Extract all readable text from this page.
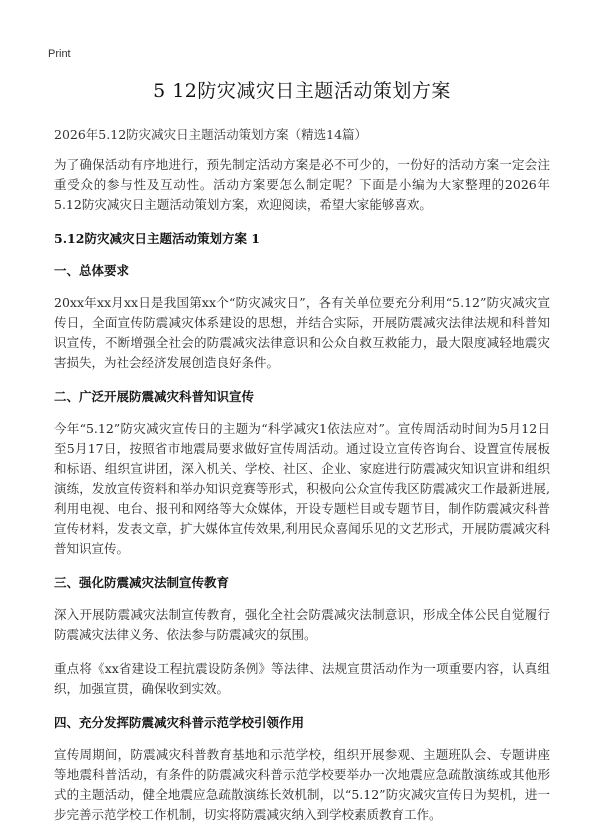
Print
5 12防灾减灾日主题活动策划方案
2026年5.12防灾减灾日主题活动策划方案（精选14篇）

为了确保活动有序地进行，预先制定活动方案是必不可少的，一份好的活动方案一定会注重受众的参与性及互动性。活动方案要怎么制定呢？下面是小编为大家整理的2026年5.12防灾减灾日主题活动策划方案，欢迎阅读，希望大家能够喜欢。

5.12防灾减灾日主题活动策划方案 1
一、总体要求

20xx年xx月xx日是我国第xx个“防灾减灾日”，各有关单位要充分利用“5.12”防灾减灾宣传日，全面宣传防震减灾体系建设的思想，并结合实际，开展防震减灾法律法规和科普知识宣传，不断增强全社会的防震减灾法律意识和公众自救互救能力，最大限度减轻地震灾害损失，为社会经济发展创造良好条件。

二、广泛开展防震减灾科普知识宣传

今年“5.12”防灾减灾宣传日的主题为“科学减灾1依法应对”。宣传周活动时间为5月12日至5月17日，按照省市地震局要求做好宣传周活动。通过设立宣传咨询台、设置宣传展板和标语、组织宣讲团，深入机关、学校、社区、企业、家庭进行防震减灾知识宣讲和组织演练，发放宣传资料和举办知识竞赛等形式，积极向公众宣传我区防震减灾工作最新进展,利用电视、电台、报刊和网络等大众媒体，开设专题栏目或专题节目，制作防震减灾科普宣传材料，发表文章，扩大媒体宣传效果,利用民众喜闻乐见的文艺形式，开展防震减灾科普知识宣传。

三、强化防震减灾法制宣传教育

深入开展防震减灾法制宣传教育，强化全社会防震减灾法制意识，形成全体公民自觉履行防震减灾法律义务、依法参与防震减灾的氛围。

重点将《xx省建设工程抗震设防条例》等法律、法规宣贯活动作为一项重要内容，认真组织，加强宣贯，确保收到实效。

四、充分发挥防震减灾科普示范学校引领作用

宣传周期间，防震减灾科普教育基地和示范学校，组织开展参观、主题班队会、专题讲座等地震科普活动，有条件的防震减灾科普示范学校要举办一次地震应急疏散演练或其他形式的主题活动，健全地震应急疏散演练长效机制，以“5.12”防灾减灾宣传日为契机，进一步完善示范学校工作机制，切实将防震减灾纳入到学校素质教育工作。
